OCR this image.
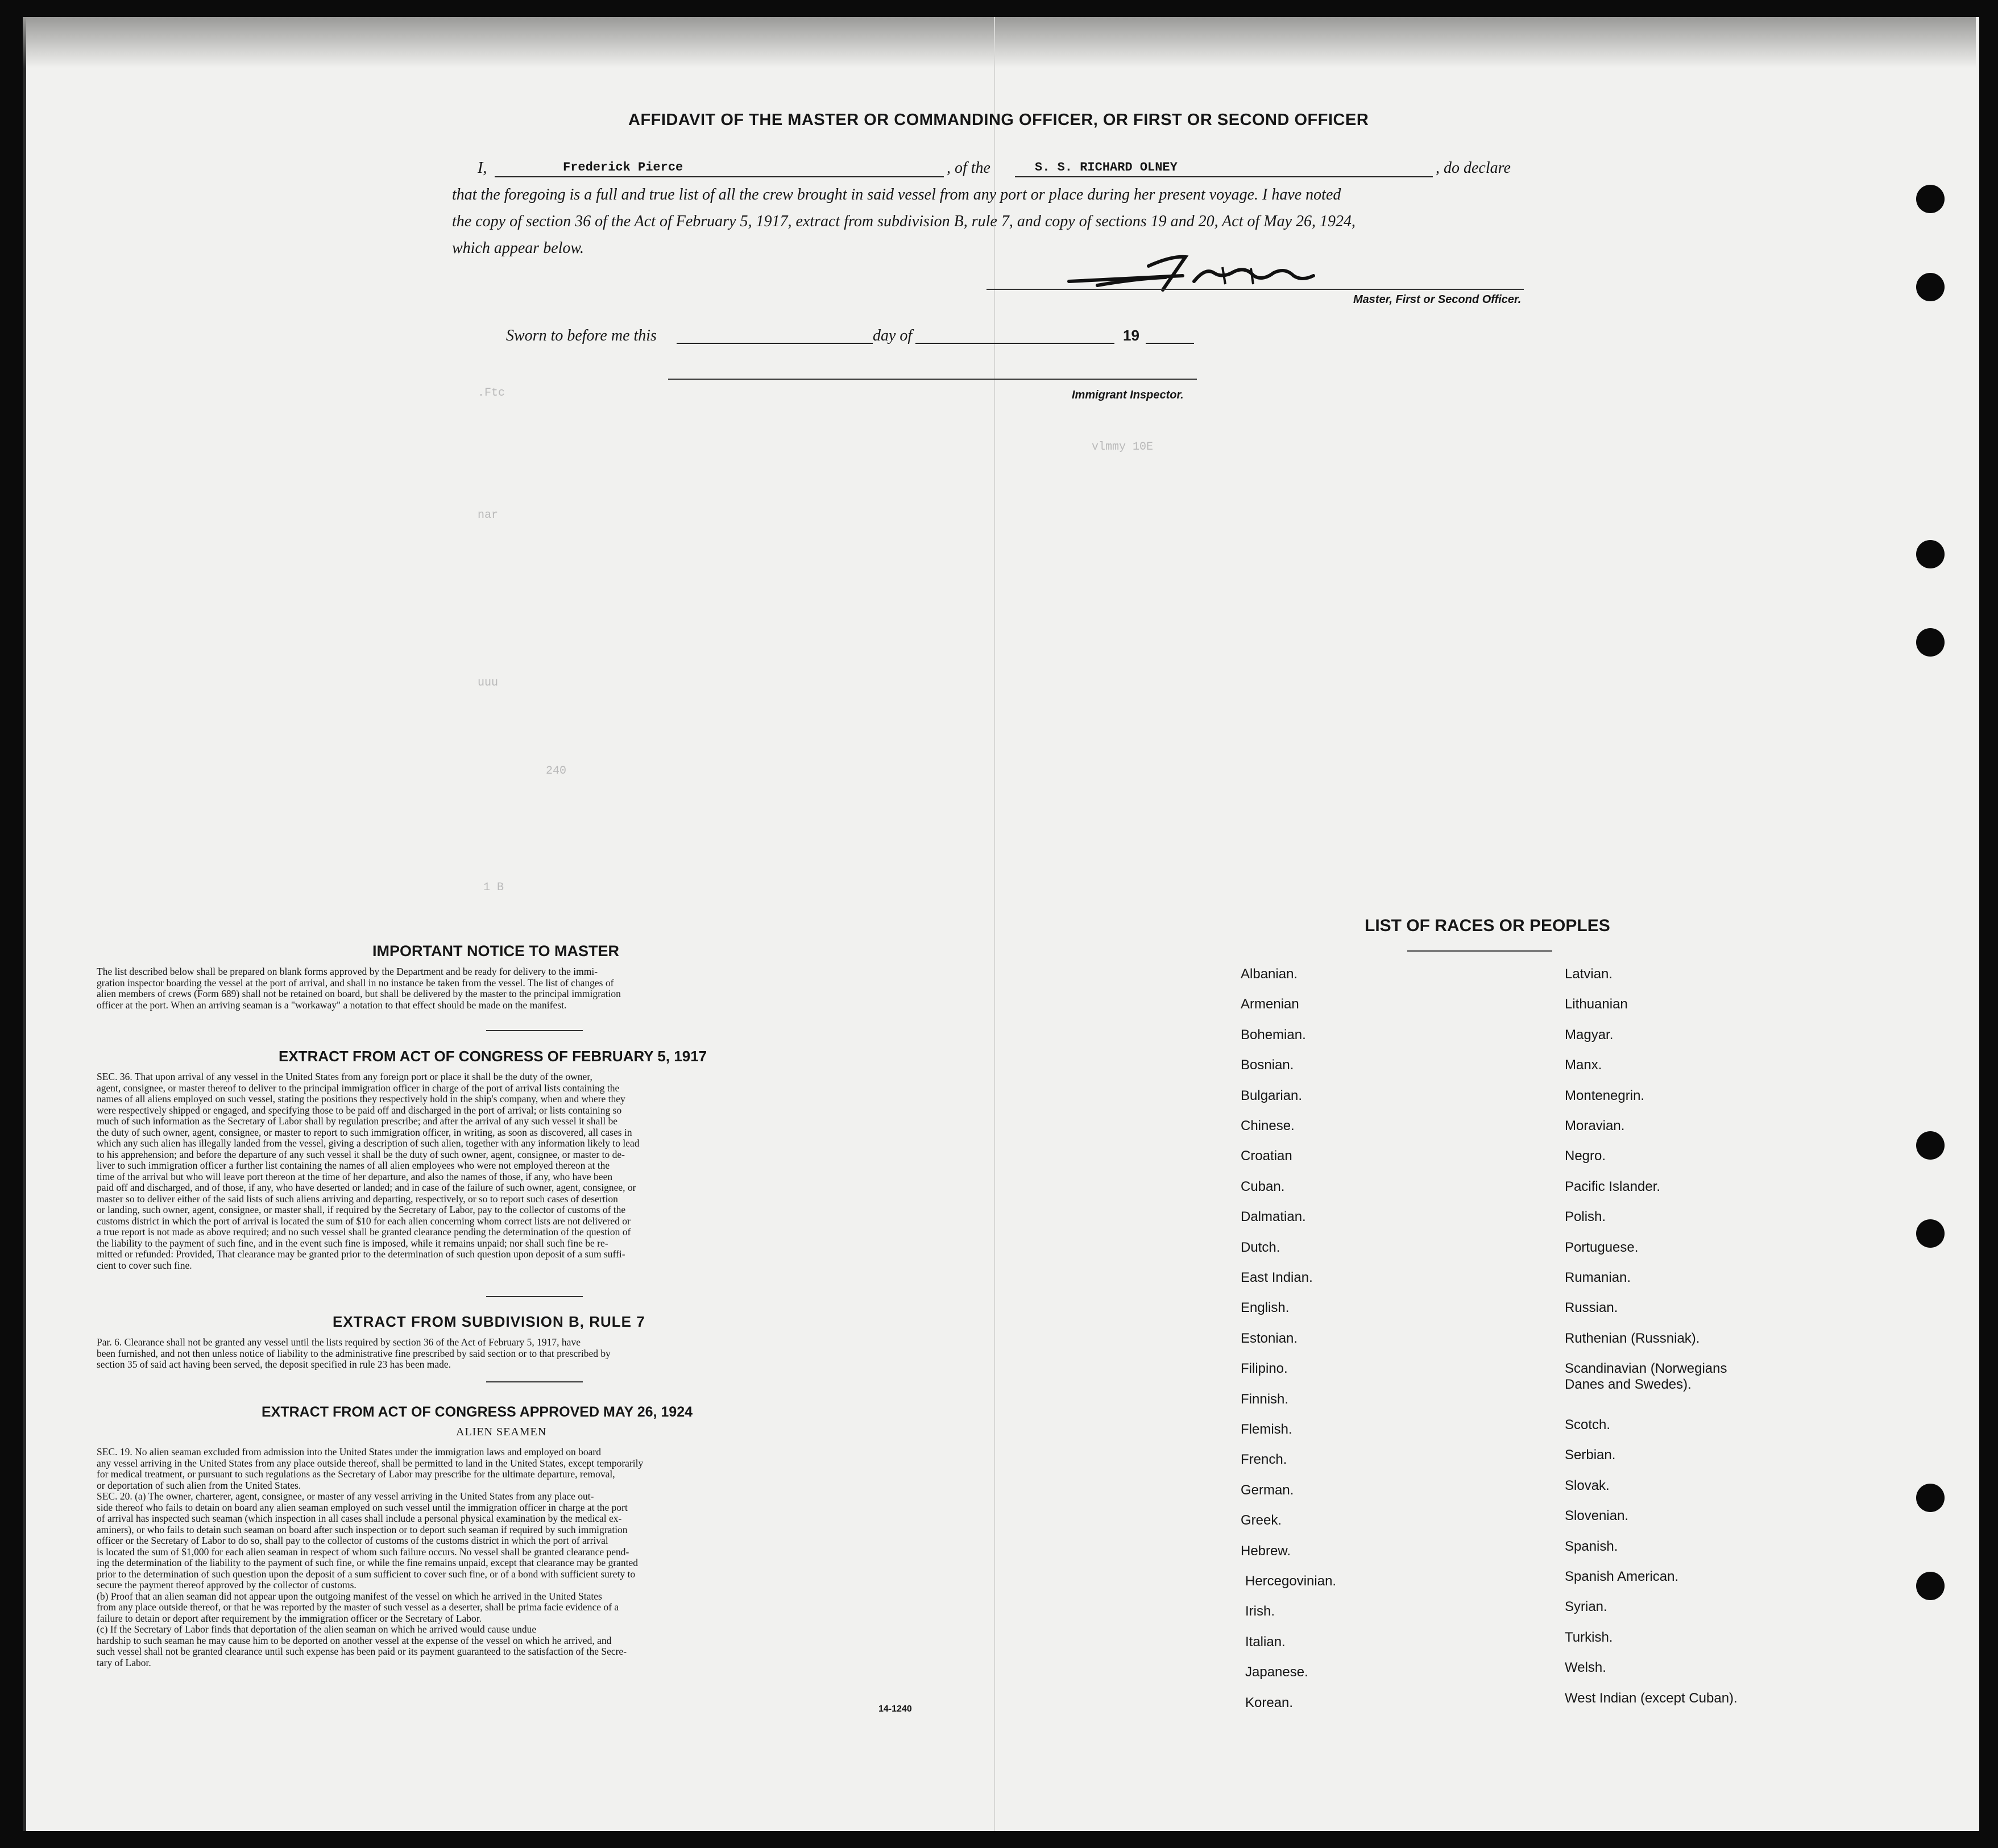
.Ftc
vlmmy 10E
nar
uuu
240
1 B
AFFIDAVIT OF THE MASTER OR COMMANDING OFFICER, OR FIRST OR SECOND OFFICER
I,	Frederick Pierce	, of the	S. S. RICHARD OLNEY	, do declare
that the foregoing is a full and true list of all the crew brought in said vessel from any port or place during her present voyage. I have noted
the copy of section 36 of the Act of February 5, 1917, extract from subdivision B, rule 7, and copy of sections 19 and 20, Act of May 26, 1924,
which appear below.
Master, First or Second Officer.
Sworn to before me this	day of	19
Immigrant Inspector.
IMPORTANT NOTICE TO MASTER
The list described below shall be prepared on blank forms approved by the Department and be ready for delivery to the immi-
gration inspector boarding the vessel at the port of arrival, and shall in no instance be taken from the vessel. The list of changes of
alien members of crews (Form 689) shall not be retained on board, but shall be delivered by the master to the principal immigration
officer at the port. When an arriving seaman is a "workaway" a notation to that effect should be made on the manifest.
EXTRACT FROM ACT OF CONGRESS OF FEBRUARY 5, 1917
SEC. 36. That upon arrival of any vessel in the United States from any foreign port or place it shall be the duty of the owner,
agent, consignee, or master thereof to deliver to the principal immigration officer in charge of the port of arrival lists containing the
names of all aliens employed on such vessel, stating the positions they respectively hold in the ship's company, when and where they
were respectively shipped or engaged, and specifying those to be paid off and discharged in the port of arrival; or lists containing so
much of such information as the Secretary of Labor shall by regulation prescribe; and after the arrival of any such vessel it shall be
the duty of such owner, agent, consignee, or master to report to such immigration officer, in writing, as soon as discovered, all cases in
which any such alien has illegally landed from the vessel, giving a description of such alien, together with any information likely to lead
to his apprehension; and before the departure of any such vessel it shall be the duty of such owner, agent, consignee, or master to de-
liver to such immigration officer a further list containing the names of all alien employees who were not employed thereon at the
time of the arrival but who will leave port thereon at the time of her departure, and also the names of those, if any, who have been
paid off and discharged, and of those, if any, who have deserted or landed; and in case of the failure of such owner, agent, consignee, or
master so to deliver either of the said lists of such aliens arriving and departing, respectively, or so to report such cases of desertion
or landing, such owner, agent, consignee, or master shall, if required by the Secretary of Labor, pay to the collector of customs of the
customs district in which the port of arrival is located the sum of $10 for each alien concerning whom correct lists are not delivered or
a true report is not made as above required; and no such vessel shall be granted clearance pending the determination of the question of
the liability to the payment of such fine, and in the event such fine is imposed, while it remains unpaid; nor shall such fine be re-
mitted or refunded: Provided, That clearance may be granted prior to the determination of such question upon deposit of a sum suffi-
cient to cover such fine.
EXTRACT FROM SUBDIVISION B, RULE 7
Par. 6. Clearance shall not be granted any vessel until the lists required by section 36 of the Act of February 5, 1917, have
been furnished, and not then unless notice of liability to the administrative fine prescribed by said section or to that prescribed by
section 35 of said act having been served, the deposit specified in rule 23 has been made.
EXTRACT FROM ACT OF CONGRESS APPROVED MAY 26, 1924
ALIEN SEAMEN
SEC. 19. No alien seaman excluded from admission into the United States under the immigration laws and employed on board
any vessel arriving in the United States from any place outside thereof, shall be permitted to land in the United States, except temporarily
for medical treatment, or pursuant to such regulations as the Secretary of Labor may prescribe for the ultimate departure, removal,
or deportation of such alien from the United States.
SEC. 20. (a) The owner, charterer, agent, consignee, or master of any vessel arriving in the United States from any place out-
side thereof who fails to detain on board any alien seaman employed on such vessel until the immigration officer in charge at the port
of arrival has inspected such seaman (which inspection in all cases shall include a personal physical examination by the medical ex-
aminers), or who fails to detain such seaman on board after such inspection or to deport such seaman if required by such immigration
officer or the Secretary of Labor to do so, shall pay to the collector of customs of the customs district in which the port of arrival
is located the sum of $1,000 for each alien seaman in respect of whom such failure occurs. No vessel shall be granted clearance pend-
ing the determination of the liability to the payment of such fine, or while the fine remains unpaid, except that clearance may be granted
prior to the determination of such question upon the deposit of a sum sufficient to cover such fine, or of a bond with sufficient surety to
secure the payment thereof approved by the collector of customs.
(b) Proof that an alien seaman did not appear upon the outgoing manifest of the vessel on which he arrived in the United States
from any place outside thereof, or that he was reported by the master of such vessel as a deserter, shall be prima facie evidence of a
failure to detain or deport after requirement by the immigration officer or the Secretary of Labor.
(c) If the Secretary of Labor finds that deportation of the alien seaman on which he arrived would cause undue
hardship to such seaman he may cause him to be deported on another vessel at the expense of the vessel on which he arrived, and
such vessel shall not be granted clearance until such expense has been paid or its payment guaranteed to the satisfaction of the Secre-
tary of Labor.
14-1240
LIST OF RACES OR PEOPLES
Albanian.
Armenian
Bohemian.
Bosnian.
Bulgarian.
Chinese.
Croatian
Cuban.
Dalmatian.
Dutch.
East Indian.
English.
Estonian.
Filipino.
Finnish.
Flemish.
French.
German.
Greek.
Hebrew.
Hercegovinian.
Irish.
Italian.
Japanese.
Korean.
Latvian.
Lithuanian
Magyar.
Manx.
Montenegrin.
Moravian.
Negro.
Pacific Islander.
Polish.
Portuguese.
Rumanian.
Russian.
Ruthenian (Russniak).
Scandinavian (Norwegians Danes and Swedes).
Scotch.
Serbian.
Slovak.
Slovenian.
Spanish.
Spanish American.
Syrian.
Turkish.
Welsh.
West Indian (except Cuban).
